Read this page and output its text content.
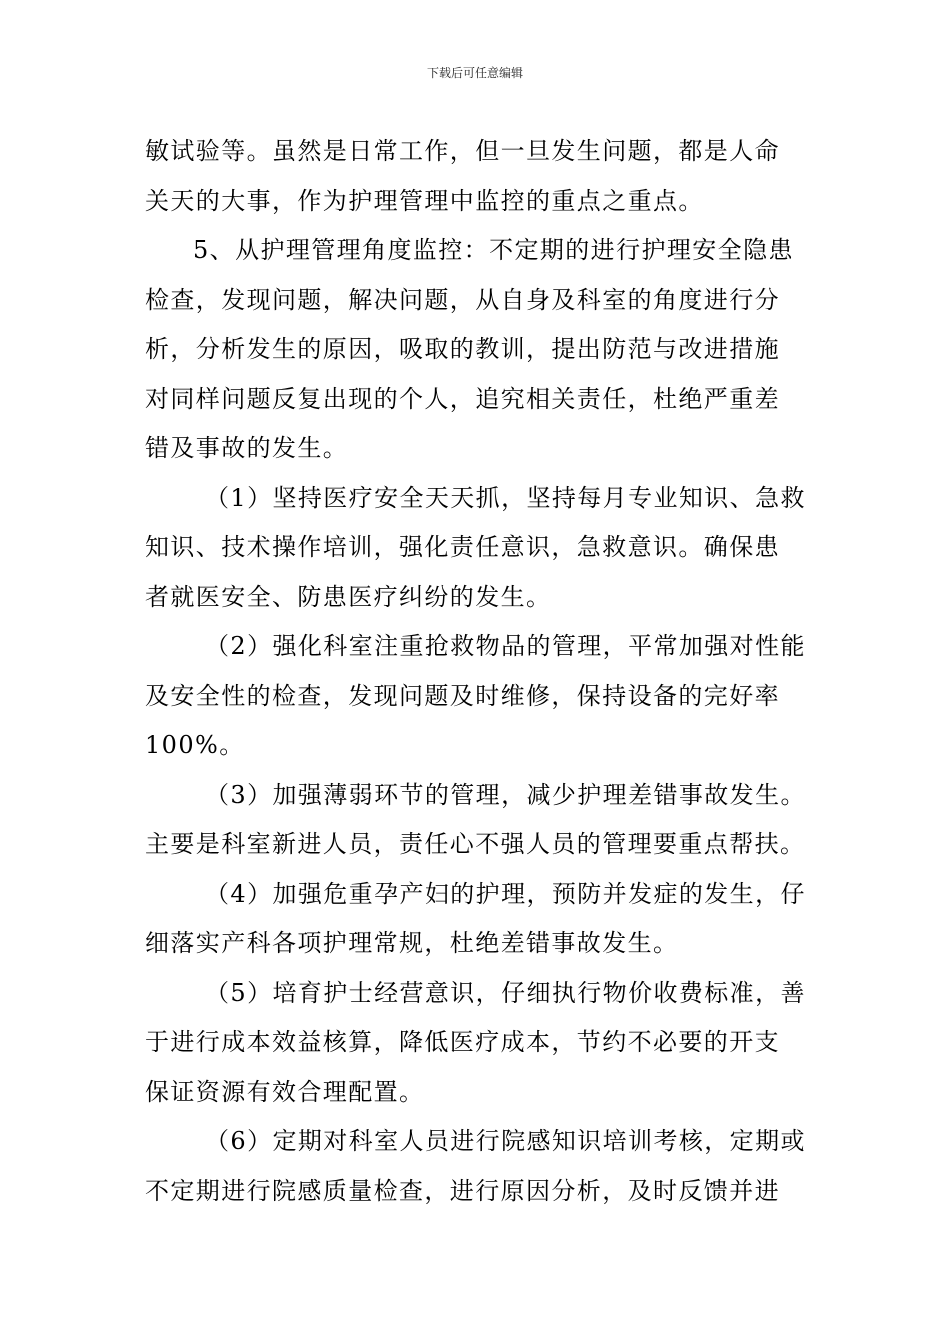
下载后可任意编辑

敏试验等。虽然是日常工作，但一旦发生问题，都是人命
关天的大事，作为护理管理中监控的重点之重点。

5、从护理管理角度监控：不定期的进行护理安全隐患
检查，发现问题，解决问题，从自身及科室的角度进行分
析，分析发生的原因，吸取的教训，提出防范与改进措施
对同样问题反复出现的个人，追究相关责任，杜绝严重差
错及事故的发生。

（1）坚持医疗安全天天抓，坚持每月专业知识、急救
知识、技术操作培训，强化责任意识，急救意识。确保患
者就医安全、防患医疗纠纷的发生。

（2）强化科室注重抢救物品的管理，平常加强对性能
及安全性的检查，发现问题及时维修，保持设备的完好率
100%。

（3）加强薄弱环节的管理，减少护理差错事故发生。
主要是科室新进人员，责任心不强人员的管理要重点帮扶。

（4）加强危重孕产妇的护理，预防并发症的发生，仔
细落实产科各项护理常规，杜绝差错事故发生。

（5）培育护士经营意识，仔细执行物价收费标准，善
于进行成本效益核算，降低医疗成本，节约不必要的开支
保证资源有效合理配置。

（6）定期对科室人员进行院感知识培训考核，定期或
不定期进行院感质量检查，进行原因分析，及时反馈并进
